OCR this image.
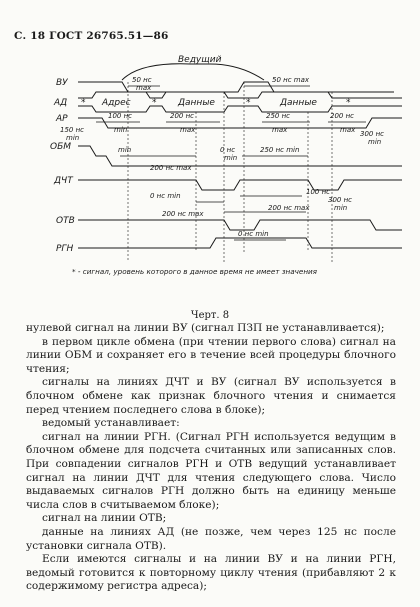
С. 18 ГОСТ 26765.51—86
ВУ
АД
АР
ОБМ
ДЧТ
ОТВ
РГН
Ведущий
Адрес	Данные	Данные
*	*	*	*
50 нс
max
50 нс max
100 нс
min
200 нс
max
150 нс
min
250 нс
max
200 нс
max 300 нс
min
0 нс
min
250 нс min
200 нс max
0 нс min	300 нс
min
100 нс
min
200 нс max
0 нс min
200 нс max
* - сигнал, уровень которого в данное время не имеет значения
Черт. 8

нулевой сигнал на линии ВУ (сигнал ПЗП не устанавливается);

в первом цикле обмена (при чтении первого слова) сигнал на линии ОБМ и сохраняет его в течение всей процедуры блочного чтения;

сигналы на линиях ДЧТ и ВУ (сигнал ВУ используется в блочном обмене как признак блочного чтения и снимается перед чтением последнего слова в блоке);

ведомый устанавливает:

сигнал на линии РГН. (Сигнал РГН используется ведущим в блочном обмене для подсчета считанных или записанных слов. При совпадении сигналов РГН и ОТВ ведущий устанавливает сигнал на линии ДЧТ для чтения следующего слова. Число выдаваемых сигналов РГН должно быть на единицу меньше числа слов в считываемом блоке);

сигнал на линии ОТВ;

данные на линиях АД (не позже, чем через 125 нс после установки сигнала ОТВ).

Если имеются сигналы и на линии ВУ и на линии РГН, ведомый готовится к повторному циклу чтения (прибавляют 2 к содержимому регистра адреса);
